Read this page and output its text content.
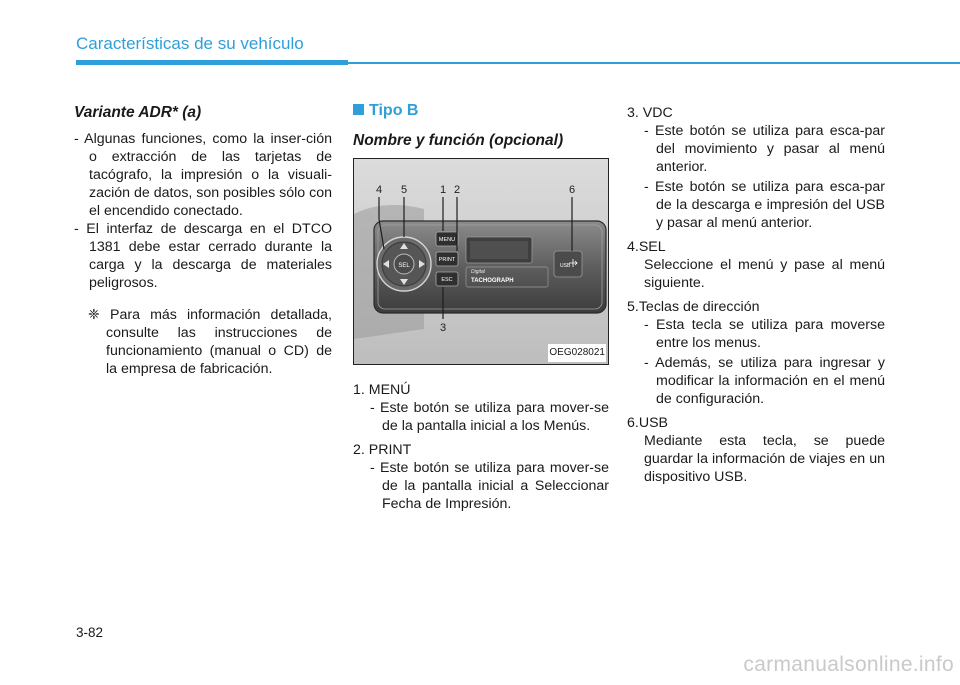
Características de su vehículo
Variante ADR* (a)

- Algunas funciones, como la inser-ción o extracción de las tarjetas de tacógrafo, la impresión o la visuali-zación de datos, son posibles sólo con el encendido conectado.

- El interfaz de descarga en el DTCO 1381 debe estar cerrado durante la carga y la descarga de materiales peligrosos.

❈ Para más información detallada, consulte las instrucciones de funcionamiento (manual o CD) de la empresa de fabricación.
Tipo B
Nombre y función (opcional)
SEL
MENU
PRINT
ESC
Digital
TACHOGRAPH
USB
4 5	1 2	6
3
OEG028021

1. MENÚ

- Este botón se utiliza para mover-se de la pantalla inicial a los Menús.

2. PRINT

- Este botón se utiliza para mover-se de la pantalla inicial a Seleccionar Fecha de Impresión.

3. VDC

- Este botón se utiliza para esca-par del movimiento y pasar al menú anterior.

- Este botón se utiliza para esca-par de la descarga e impresión del USB y pasar al menú anterior.

4.SEL

Seleccione el menú y pase al menú siguiente.

5.Teclas de dirección

- Esta tecla se utiliza para moverse entre los menus.

- Además, se utiliza para ingresar y modificar la información en el menú de configuración.

6.USB

Mediante esta tecla, se puede guardar la información de viajes en un dispositivo USB.

3-82
carmanualsonline.info
